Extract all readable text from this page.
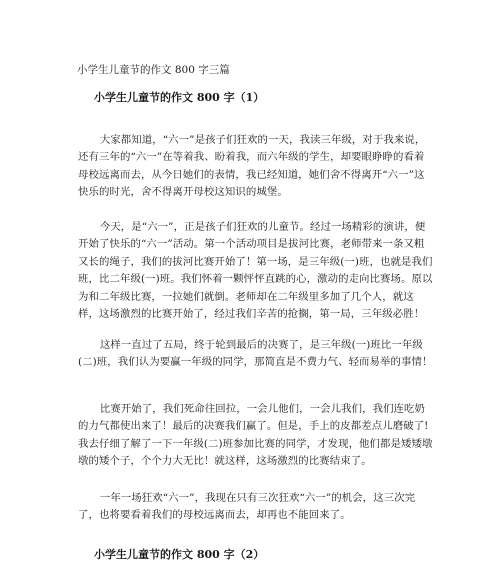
小学生儿童节的作文 800 字三篇
小学生儿童节的作文 800 字（1）

大家都知道，“六一”是孩子们狂欢的一天，我读三年级，对于我来说，还有三年的“六一”在等着我、盼着我，而六年级的学生，却要眼睁睁的看着母校远离而去，从今日她们的表情，我已经知道，她们舍不得离开“六一”这快乐的时光，舍不得离开母校这知识的城堡。

今天，是“六一”，正是孩子们狂欢的儿童节。经过一场精彩的演讲，便开始了快乐的“六一”活动。第一个活动项目是拔河比赛，老师带来一条又粗又长的绳子，我们的拔河比赛开始了！第一场，是三年级(一)班，也就是我们班，比二年级(一)班。我们怀着一颗怦怦直跳的心，激动的走向比赛场。原以为和二年级比赛，一拉她们就倒。老师却在二年级里多加了几个人，就这样，这场激烈的比赛开始了，经过我们辛苦的抢搁，第一局，三年级必胜！

这样一直过了五局，终于轮到最后的决赛了，是三年级(一)班比一年级(二)班，我们认为要赢一年级的同学，那简直是不费力气、轻而易举的事情！

比赛开始了，我们死命往回拉，一会儿他们，一会儿我们，我们连吃奶的力气都使出来了！最后的决赛我们赢了。但是，手上的皮都差点儿磨破了!我去仔细了解了一下一年级(二)班参加比赛的同学，才发现，他们都是矮矮墩墩的矮个子，个个力大无比！就这样，这场激烈的比赛结束了。

一年一场狂欢“六一”，我现在只有三次狂欢“六一”的机会，这三次完了，也将要看着我们的母校远离而去，却再也不能回来了。

小学生儿童节的作文 800 字（2）
